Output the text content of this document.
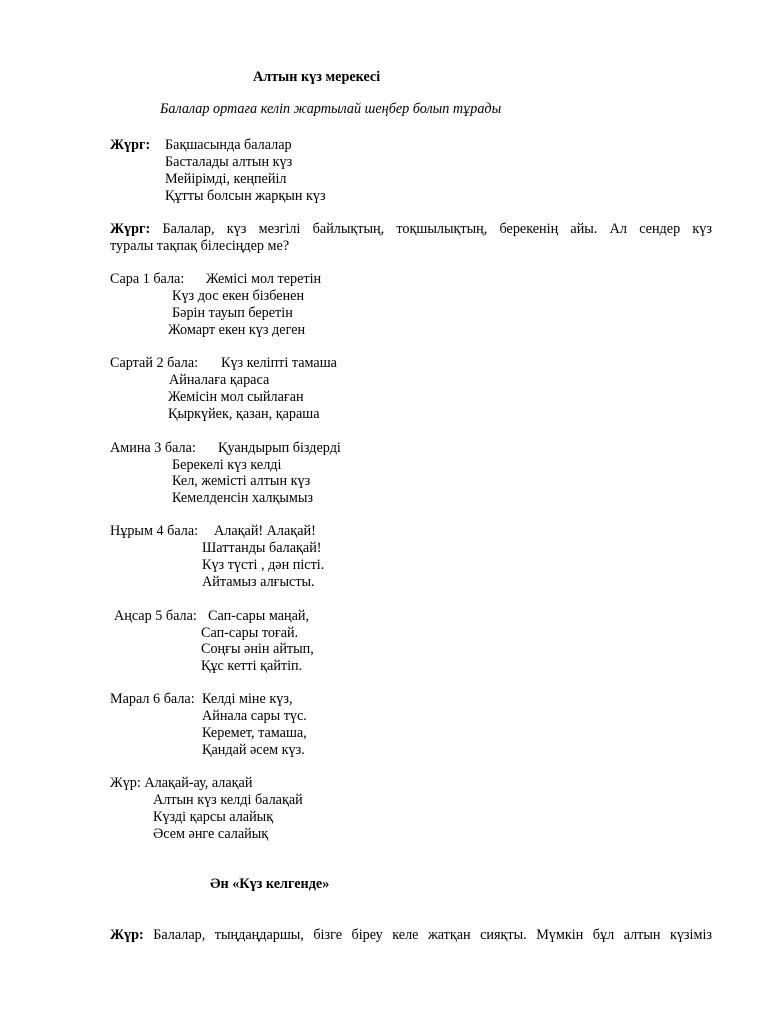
Алтын күз мерекесі
Балалар ортаға келіп жартылай шеңбер болып тұрады
Жүрг: Бақшасында балалар
Басталады алтын күз
Мейірімді, кеңпейіл
Құтты болсын жарқын күз
Жүрг: Балалар, күз мезгілі байлықтың, тоқшылықтың, берекенің айы. Ал сендер күз
туралы тақпақ білесіңдер ме?
Сара 1 бала: Жемісі мол теретін
Күз дос екен бізбенен
Бәрін тауып беретін
Жомарт екен күз деген
Сартай 2 бала: Күз келіпті тамаша
Айналаға қараса
Жемісін мол сыйлаған
Қыркүйек, қазан, қараша
Амина 3 бала: Қуандырып біздерді
Берекелі күз келді
Кел, жемісті алтын күз
Кемелденсін халқымыз
Нұрым 4 бала: Алақай! Алақай!
Шаттанды балақай!
Күз түсті , дән пісті.
Айтамыз алғысты.
Аңсар 5 бала: Сап-сары маңай,
Сап-сары тоғай.
Соңғы әнін айтып,
Құс кетті қайтіп.
Марал 6 бала: Келді міне күз,
Айнала сары түс.
Керемет, тамаша,
Қандай әсем күз.
Жүр: Алақай-ау, алақай
Алтын күз келді балақай
Күзді қарсы алайық
Әсем әнге салайық
Ән «Күз келгенде»
Жүр: Балалар, тыңдаңдаршы, бізге біреу келе жатқан сияқты. Мүмкін бұл алтын күзіміз
